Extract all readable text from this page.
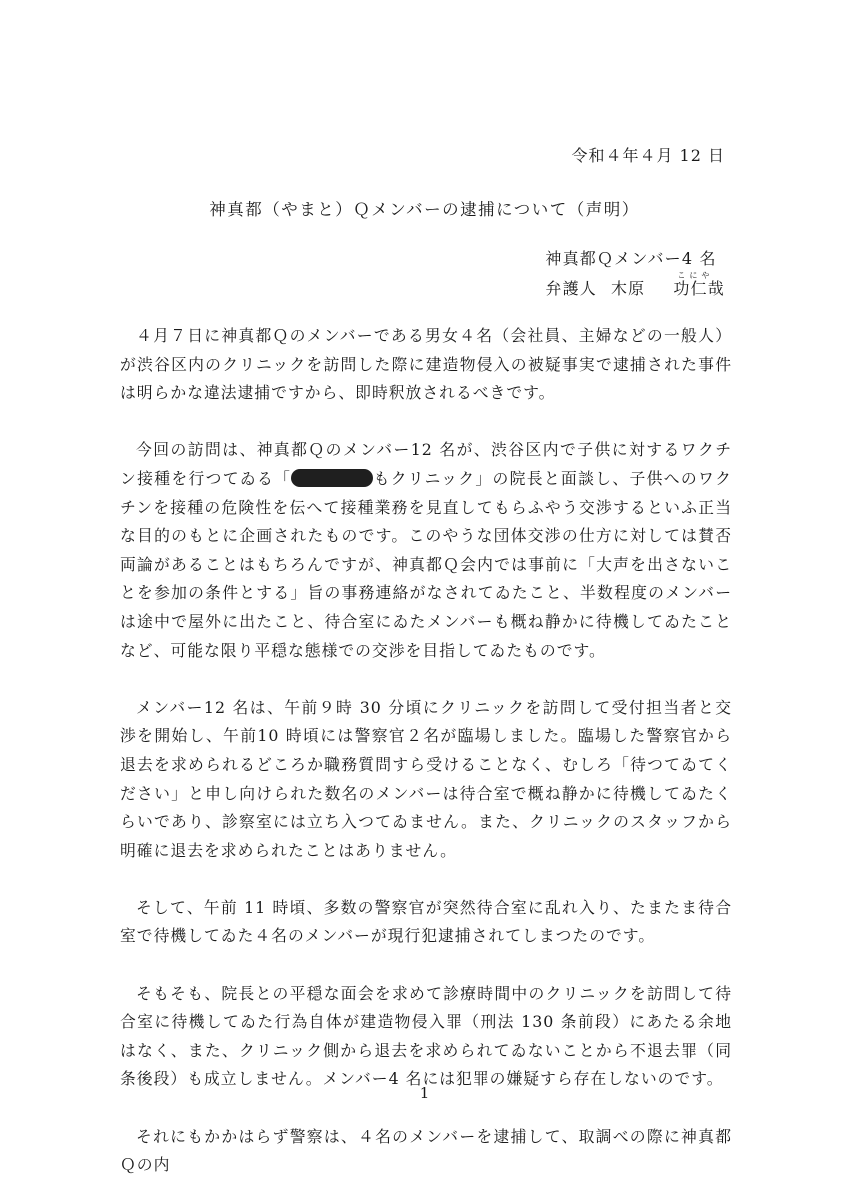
令和４年４月 12 日
神真都（やまと）Ｑメンバーの逮捕について（声明）
神真都Ｑメンバー4 名
弁護人 木原
こにや
功仁哉

４月７日に神真都Ｑのメンバーである男女４名（会社員、主婦などの一般人）が渋谷区内のクリニックを訪問した際に建造物侵入の被疑事実で逮捕された事件は明らかな違法逮捕ですから、即時釈放されるべきです。

今回の訪問は、神真都Ｑのメンバー12 名が、渋谷区内で子供に対するワクチン接種を行つてゐる「	もクリニック」の院長と面談し、子供へのワクチンを接種の危険性を伝へて接種業務を見直してもらふやう交渉するといふ正当な目的のもとに企画されたものです。このやうな団体交渉の仕方に対しては賛否両論があることはもちろんですが、神真都Ｑ会内では事前に「大声を出さないことを参加の条件とする」旨の事務連絡がなされてゐたこと、半数程度のメンバーは途中で屋外に出たこと、待合室にゐたメンバーも概ね静かに待機してゐたことなど、可能な限り平穏な態様での交渉を目指してゐたものです。

メンバー12 名は、午前９時 30 分頃にクリニックを訪問して受付担当者と交渉を開始し、午前10 時頃には警察官２名が臨場しました。臨場した警察官から退去を求められるどころか職務質問すら受けることなく、むしろ「待つてゐてください」と申し向けられた数名のメンバーは待合室で概ね静かに待機してゐたくらいであり、診察室には立ち入つてゐません。また、クリニックのスタッフから明確に退去を求められたことはありません。

そして、午前 11 時頃、多数の警察官が突然待合室に乱れ入り、たまたま待合室で待機してゐた４名のメンバーが現行犯逮捕されてしまつたのです。

そもそも、院長との平穏な面会を求めて診療時間中のクリニックを訪問して待合室に待機してゐた行為自体が建造物侵入罪（刑法 130 条前段）にあたる余地はなく、また、クリニック側から退去を求められてゐないことから不退去罪（同条後段）も成立しません。メンバー4 名には犯罪の嫌疑すら存在しないのです。

それにもかかはらず警察は、４名のメンバーを逮捕して、取調べの際に神真都Ｑの内

1
